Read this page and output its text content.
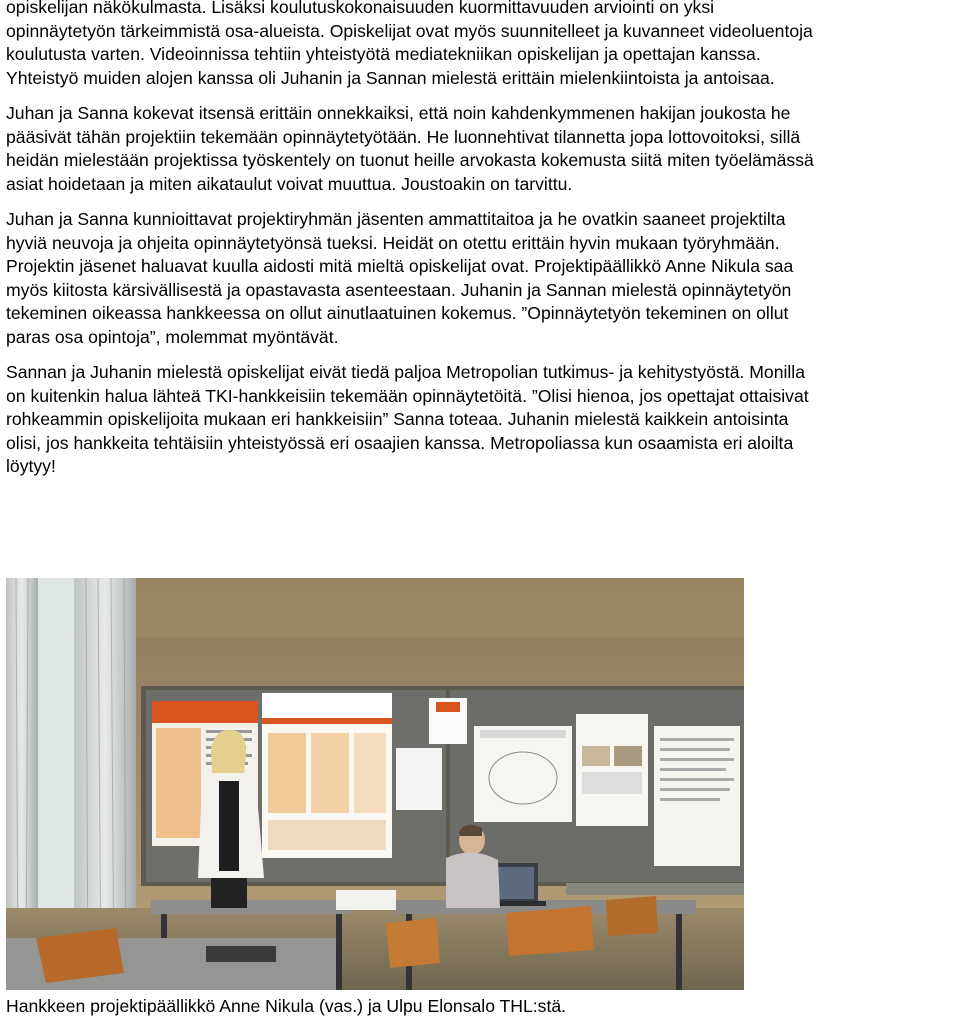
opiskelijan näkökulmasta. Lisäksi koulutuskokonaisuuden kuormittavuuden arviointi on yksi
opinnäytetyön tärkeimmistä osa-alueista. Opiskelijat ovat myös suunnitelleet ja kuvanneet videoluentoja
koulutusta varten. Videoinnissa tehtiin yhteistyötä mediatekniikan opiskelijan ja opettajan kanssa.
Yhteistyö muiden alojen kanssa oli Juhanin ja Sannan mielestä erittäin mielenkiintoista ja antoisaa.

Juhan ja Sanna kokevat itsensä erittäin onnekkaiksi, että noin kahdenkymmenen hakijan joukosta he
pääsivät tähän projektiin tekemään opinnäytetyötään. He luonnehtivat tilannetta jopa lottovoitoksi, sillä
heidän mielestään projektissa työskentely on tuonut heille arvokasta kokemusta siitä miten työelämässä
asiat hoidetaan ja miten aikataulut voivat muuttua. Joustoakin on tarvittu.

Juhan ja Sanna kunnioittavat projektiryhmän jäsenten ammattitaitoa ja he ovatkin saaneet projektilta
hyviä neuvoja ja ohjeita opinnäytetyönsä tueksi. Heidät on otettu erittäin hyvin mukaan työryhmään.
Projektin jäsenet haluavat kuulla aidosti mitä mieltä opiskelijat ovat. Projektipäällikkö Anne Nikula saa
myös kiitosta kärsivällisestä ja opastavasta asenteestaan. Juhanin ja Sannan mielestä opinnäytetyön
tekeminen oikeassa hankkeessa on ollut ainutlaatuinen kokemus. ”Opinnäytetyön tekeminen on ollut
paras osa opintoja”, molemmat myöntävät.

Sannan ja Juhanin mielestä opiskelijat eivät tiedä paljoa Metropolian tutkimus- ja kehitystyöstä. Monilla
on kuitenkin halua lähteä TKI-hankkeisiin tekemään opinnäytetöitä. ”Olisi hienoa, jos opettajat ottaisivat
rohkeammin opiskelijoita mukaan eri hankkeisiin” Sanna toteaa. Juhanin mielestä kaikkein antoisinta
olisi, jos hankkeita tehtäisiin yhteistyössä eri osaajien kanssa. Metropoliassa kun osaamista eri aloilta
löytyy!

Hankkeen projektipäällikkö Anne Nikula (vas.) ja Ulpu Elonsalo THL:stä.
